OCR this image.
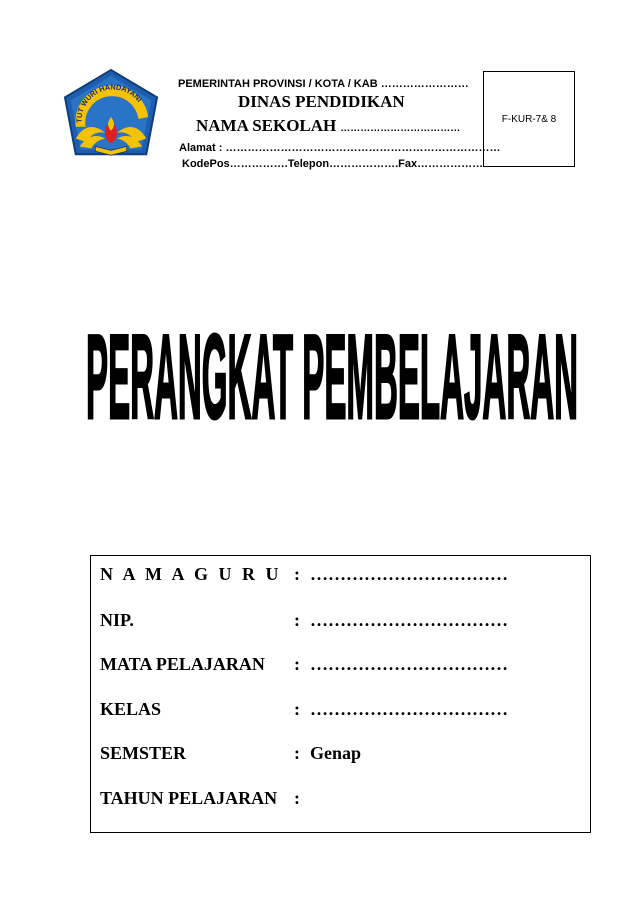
TUT WURI HANDAYANI
PEMERINTAH PROVINSI / KOTA / KAB ……………………
DINAS PENDIDIKAN
NAMA SEKOLAH ………………………………
Alamat : …………………………………………………………………
KodePos…………….Telepon……………….Fax………………
F-KUR-7& 8
PERANGKAT PEMBELAJARAN
N A M A G U R U : ……………………………
NIP.	: ……………………………
MATA PELAJARAN : ……………………………
KELAS	: ……………………………
SEMSTER	: Genap
TAHUN PELAJARAN :
